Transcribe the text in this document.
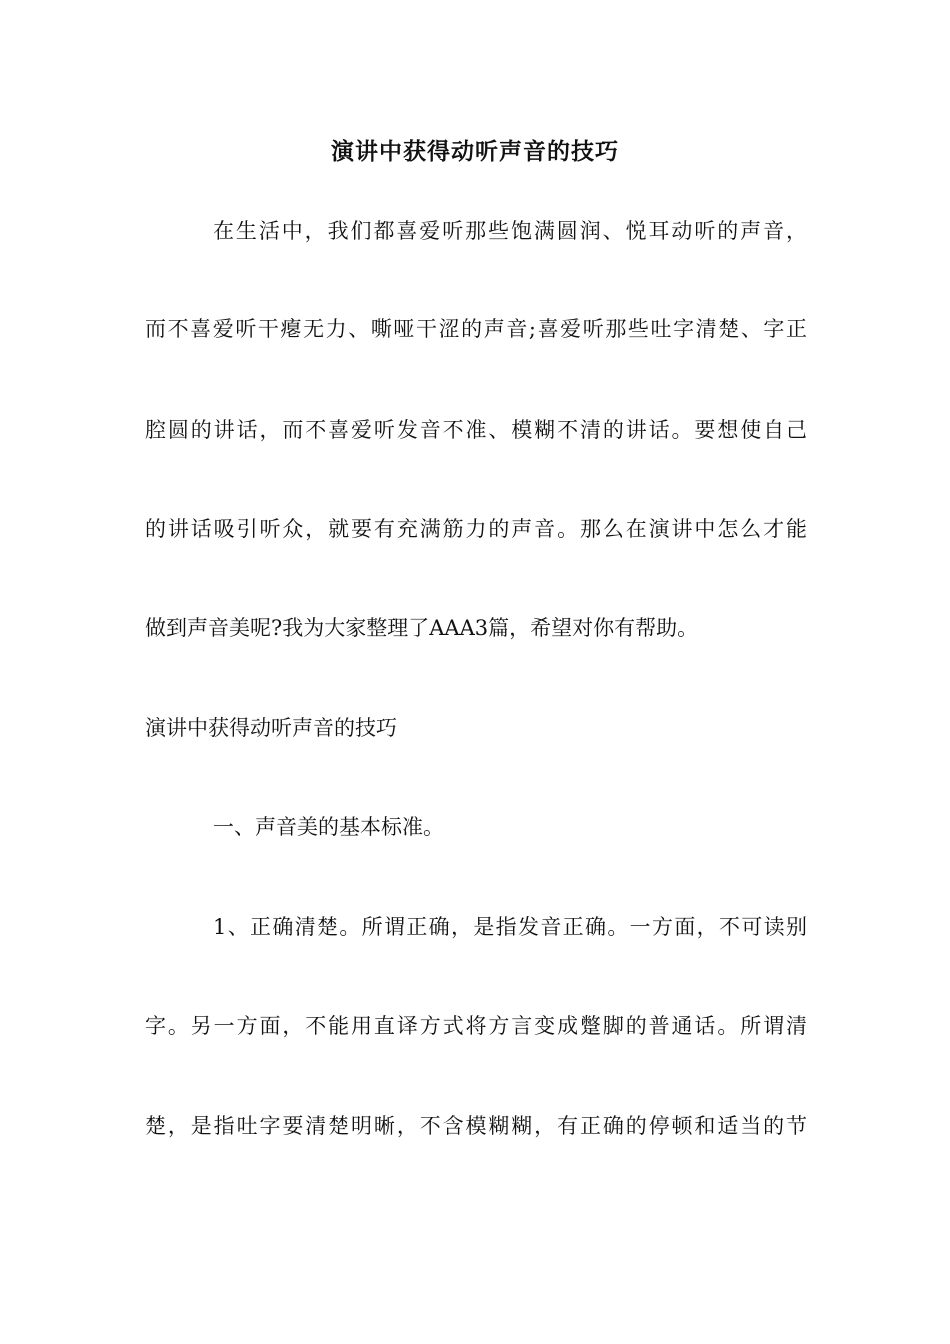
演讲中获得动听声音的技巧
在生活中，我们都喜爱听那些饱满圆润、悦耳动听的声音，
而不喜爱听干瘪无力、嘶哑干涩的声音;喜爱听那些吐字清楚、字正
腔圆的讲话，而不喜爱听发音不准、模糊不清的讲话。要想使自己
的讲话吸引听众，就要有充满筋力的声音。那么在演讲中怎么才能
做到声音美呢?我为大家整理了AAA3篇，希望对你有帮助。
演讲中获得动听声音的技巧
一、声音美的基本标准。
1、正确清楚。所谓正确，是指发音正确。一方面，不可读别
字。另一方面，不能用直译方式将方言变成蹩脚的普通话。所谓清
楚，是指吐字要清楚明晰，不含模糊糊，有正确的停顿和适当的节
